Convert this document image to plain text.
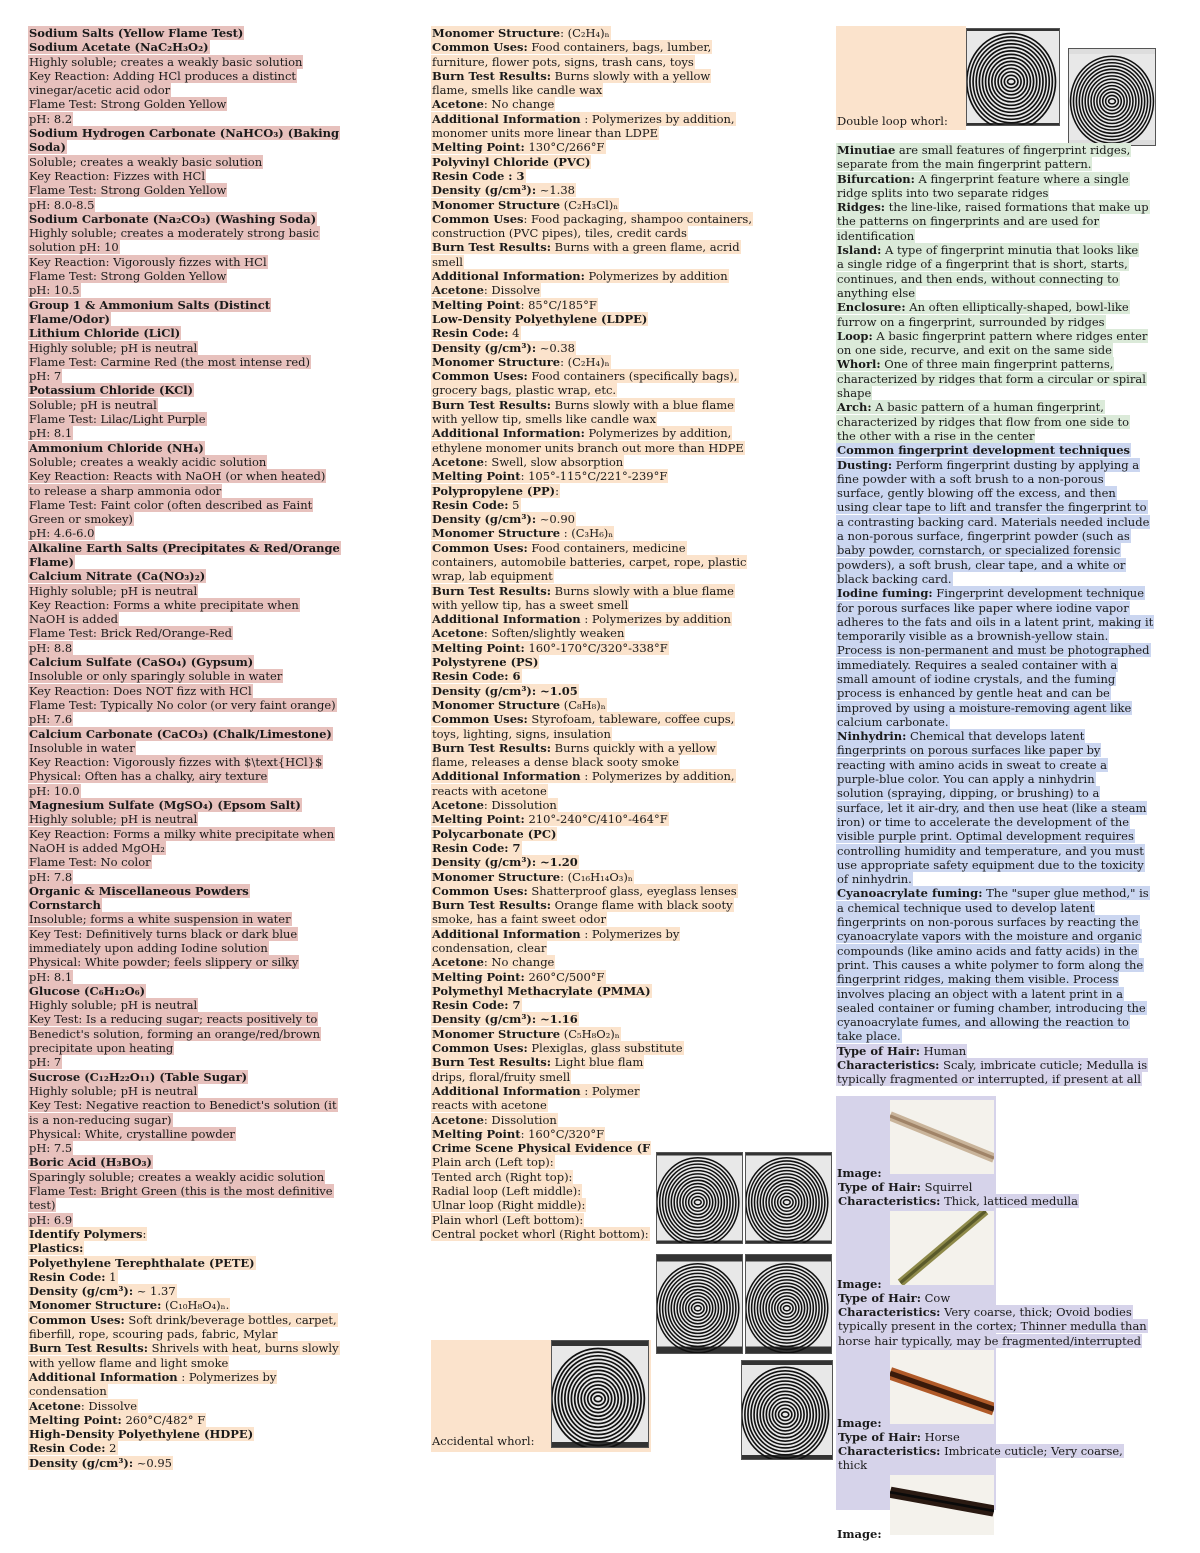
Sodium Salts (Yellow Flame Test)
Sodium Acetate (NaC₂H₃O₂)
Highly soluble; creates a weakly basic solution
Key Reaction: Adding HCl produces a distinct
vinegar/acetic acid odor
Flame Test: Strong Golden Yellow
pH: 8.2
Sodium Hydrogen Carbonate (NaHCO₃) (Baking
Soda)
Soluble; creates a weakly basic solution
Key Reaction: Fizzes with HCl
Flame Test: Strong Golden Yellow
pH: 8.0-8.5
Sodium Carbonate (Na₂CO₃) (Washing Soda)
Highly soluble; creates a moderately strong basic
solution pH: 10
Key Reaction: Vigorously fizzes with HCl
Flame Test: Strong Golden Yellow
pH: 10.5
Group 1 & Ammonium Salts (Distinct
Flame/Odor)
Lithium Chloride (LiCl)
Highly soluble; pH is neutral
Flame Test: Carmine Red (the most intense red)
pH: 7
Potassium Chloride (KCl)
Soluble; pH is neutral
Flame Test: Lilac/Light Purple
pH: 8.1
Ammonium Chloride (NH₄)
Soluble; creates a weakly acidic solution
Key Reaction: Reacts with NaOH (or when heated)
to release a sharp ammonia odor
Flame Test: Faint color (often described as Faint
Green or smokey)
pH: 4.6-6.0
Alkaline Earth Salts (Precipitates & Red/Orange
Flame)
Calcium Nitrate (Ca(NO₃)₂)
Highly soluble; pH is neutral
Key Reaction: Forms a white precipitate when
NaOH is added
Flame Test: Brick Red/Orange-Red
pH: 8.8
Calcium Sulfate (CaSO₄) (Gypsum)
Insoluble or only sparingly soluble in water
Key Reaction: Does NOT fizz with HCl
Flame Test: Typically No color (or very faint orange)
pH: 7.6
Calcium Carbonate (CaCO₃) (Chalk/Limestone)
Insoluble in water
Key Reaction: Vigorously fizzes with $\text{HCl}$
Physical: Often has a chalky, airy texture
pH: 10.0
Magnesium Sulfate (MgSO₄) (Epsom Salt)
Highly soluble; pH is neutral
Key Reaction: Forms a milky white precipitate when
NaOH is added MgOH₂
Flame Test: No color
pH: 7.8
Organic & Miscellaneous Powders
Cornstarch
Insoluble; forms a white suspension in water
Key Test: Definitively turns black or dark blue
immediately upon adding Iodine solution
Physical: White powder; feels slippery or silky
pH: 8.1
Glucose (C₆H₁₂O₆)
Highly soluble; pH is neutral
Key Test: Is a reducing sugar; reacts positively to
Benedict's solution, forming an orange/red/brown
precipitate upon heating
pH: 7
Sucrose (C₁₂H₂₂O₁₁) (Table Sugar)
Highly soluble; pH is neutral
Key Test: Negative reaction to Benedict's solution (it
is a non-reducing sugar)
Physical: White, crystalline powder
pH: 7.5
Boric Acid (H₃BO₃)
Sparingly soluble; creates a weakly acidic solution
Flame Test: Bright Green (this is the most definitive
test)
pH: 6.9
Identify Polymers:
Plastics:
Polyethylene Terephthalate (PETE)
Resin Code: 1
Density (g/cm³): ~ 1.37
Monomer Structure: (C₁₀H₈O₄)ₙ.
Common Uses: Soft drink/beverage bottles, carpet,
fiberfill, rope, scouring pads, fabric, Mylar
Burn Test Results: Shrivels with heat, burns slowly
with yellow flame and light smoke
Additional Information : Polymerizes by
condensation
Acetone: Dissolve
Melting Point: 260°C/482° F
High-Density Polyethylene (HDPE)
Resin Code: 2
Density (g/cm³): ~0.95
Monomer Structure: (C₂H₄)ₙ
Common Uses: Food containers, bags, lumber,
furniture, flower pots, signs, trash cans, toys
Burn Test Results: Burns slowly with a yellow
flame, smells like candle wax
Acetone: No change
Additional Information : Polymerizes by addition,
monomer units more linear than LDPE
Melting Point: 130°C/266°F
Polyvinyl Chloride (PVC)
Resin Code : 3
Density (g/cm³): ~1.38
Monomer Structure (C₂H₃Cl)ₙ
Common Uses: Food packaging, shampoo containers,
construction (PVC pipes), tiles, credit cards
Burn Test Results: Burns with a green flame, acrid
smell
Additional Information: Polymerizes by addition
Acetone: Dissolve
Melting Point: 85°C/185°F
Low-Density Polyethylene (LDPE)
Resin Code: 4
Density (g/cm³): ~0.38
Monomer Structure: (C₂H₄)ₙ
Common Uses: Food containers (specifically bags),
grocery bags, plastic wrap, etc.
Burn Test Results: Burns slowly with a blue flame
with yellow tip, smells like candle wax
Additional Information: Polymerizes by addition,
ethylene monomer units branch out more than HDPE
Acetone: Swell, slow absorption
Melting Point: 105°-115°C/221°-239°F
Polypropylene (PP):
Resin Code: 5
Density (g/cm³): ~0.90
Monomer Structure : (C₃H₆)ₙ
Common Uses: Food containers, medicine
containers, automobile batteries, carpet, rope, plastic
wrap, lab equipment
Burn Test Results: Burns slowly with a blue flame
with yellow tip, has a sweet smell
Additional Information : Polymerizes by addition
Acetone: Soften/slightly weaken
Melting Point: 160°-170°C/320°-338°F
Polystyrene (PS)
Resin Code: 6
Density (g/cm³): ~1.05
Monomer Structure (C₈H₈)ₙ
Common Uses: Styrofoam, tableware, coffee cups,
toys, lighting, signs, insulation
Burn Test Results: Burns quickly with a yellow
flame, releases a dense black sooty smoke
Additional Information : Polymerizes by addition,
reacts with acetone
Acetone: Dissolution
Melting Point: 210°-240°C/410°-464°F
Polycarbonate (PC)
Resin Code: 7
Density (g/cm³): ~1.20
Monomer Structure: (C₁₆H₁₄O₃)ₙ
Common Uses: Shatterproof glass, eyeglass lenses
Burn Test Results: Orange flame with black sooty
smoke, has a faint sweet odor
Additional Information : Polymerizes by
condensation, clear
Acetone: No change
Melting Point: 260°C/500°F
Polymethyl Methacrylate (PMMA)
Resin Code: 7
Density (g/cm³): ~1.16
Monomer Structure (C₅H₈O₂)ₙ
Common Uses: Plexiglas, glass substitute
Burn Test Results: Light blue flam
drips, floral/fruity smell
Additional Information : Polymer
reacts with acetone
Acetone: Dissolution
Melting Point: 160°C/320°F
Crime Scene Physical Evidence (F
Plain arch (Left top):
Tented arch (Right top):
Radial loop (Left middle):
Ulnar loop (Right middle):
Plain whorl (Left bottom):
Central pocket whorl (Right bottom):
Double loop whorl:
Minutiae are small features of fingerprint ridges,
separate from the main fingerprint pattern.
Bifurcation: A fingerprint feature where a single
ridge splits into two separate ridges
Ridges: the line-like, raised formations that make up
the patterns on fingerprints and are used for
identification
Island: A type of fingerprint minutia that looks like
a single ridge of a fingerprint that is short, starts,
continues, and then ends, without connecting to
anything else
Enclosure: An often elliptically-shaped, bowl-like
furrow on a fingerprint, surrounded by ridges
Loop: A basic fingerprint pattern where ridges enter
on one side, recurve, and exit on the same side
Whorl: One of three main fingerprint patterns,
characterized by ridges that form a circular or spiral
shape
Arch: A basic pattern of a human fingerprint,
characterized by ridges that flow from one side to
the other with a rise in the center
Common fingerprint development techniques
Dusting: Perform fingerprint dusting by applying a
fine powder with a soft brush to a non-porous
surface, gently blowing off the excess, and then
using clear tape to lift and transfer the fingerprint to
a contrasting backing card. Materials needed include
a non-porous surface, fingerprint powder (such as
baby powder, cornstarch, or specialized forensic
powders), a soft brush, clear tape, and a white or
black backing card.
Iodine fuming: Fingerprint development technique
for porous surfaces like paper where iodine vapor
adheres to the fats and oils in a latent print, making it
temporarily visible as a brownish-yellow stain.
Process is non-permanent and must be photographed
immediately. Requires a sealed container with a
small amount of iodine crystals, and the fuming
process is enhanced by gentle heat and can be
improved by using a moisture-removing agent like
calcium carbonate.
Ninhydrin: Chemical that develops latent
fingerprints on porous surfaces like paper by
reacting with amino acids in sweat to create a
purple-blue color. You can apply a ninhydrin
solution (spraying, dipping, or brushing) to a
surface, let it air-dry, and then use heat (like a steam
iron) or time to accelerate the development of the
visible purple print. Optimal development requires
controlling humidity and temperature, and you must
use appropriate safety equipment due to the toxicity
of ninhydrin.
Cyanoacrylate fuming: The "super glue method," is
a chemical technique used to develop latent
fingerprints on non-porous surfaces by reacting the
cyanoacrylate vapors with the moisture and organic
compounds (like amino acids and fatty acids) in the
print. This causes a white polymer to form along the
fingerprint ridges, making them visible. Process
involves placing an object with a latent print in a
sealed container or fuming chamber, introducing the
cyanoacrylate fumes, and allowing the reaction to
take place.
Type of Hair: Human
Characteristics: Scaly, imbricate cuticle; Medulla is
typically fragmented or interrupted, if present at all
Image:
Type of Hair: Squirrel
Characteristics: Thick, latticed medulla
Image:
Type of Hair: Cow
Characteristics: Very coarse, thick; Ovoid bodies
typically present in the cortex; Thinner medulla than
horse hair typically, may be fragmented/interrupted
Image:
Type of Hair: Horse
Characteristics: Imbricate cuticle; Very coarse,
thick
Image:
Accidental whorl:
